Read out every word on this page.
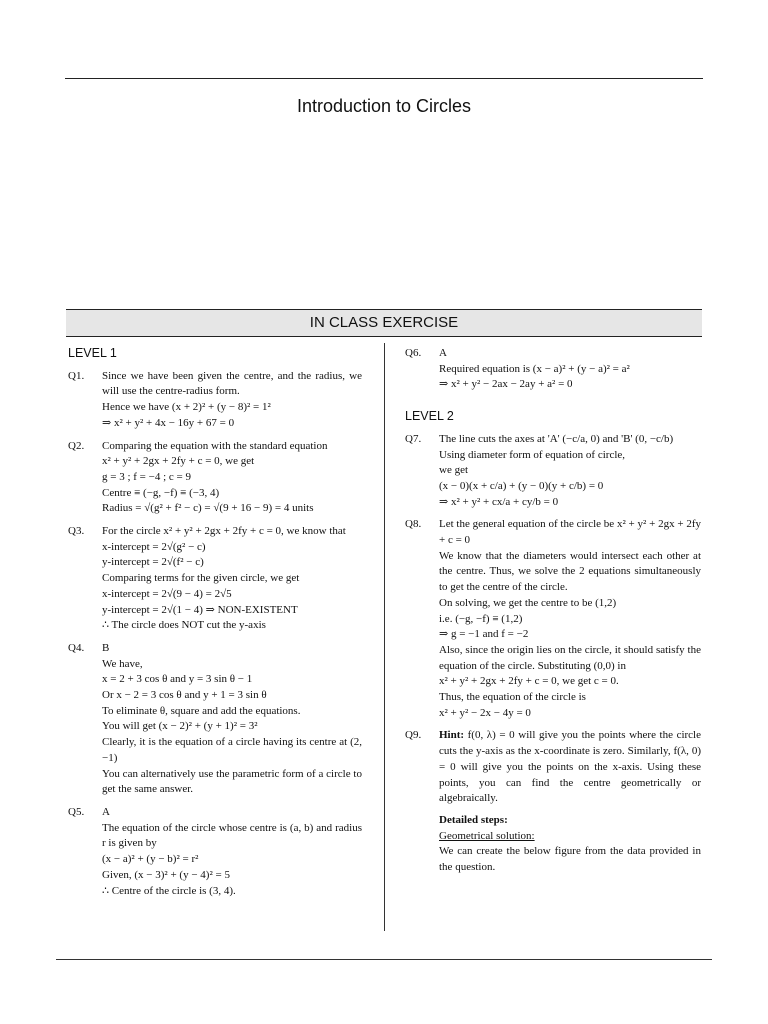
Introduction to Circles
IN CLASS EXERCISE
LEVEL 1
Q1. Since we have been given the centre, and the radius, we will use the centre-radius form.
Hence we have (x + 2)² + (y − 8)² = 1²
⇒ x² + y² + 4x − 16y + 67 = 0
Q2. Comparing the equation with the standard equation
x² + y² + 2gx + 2fy + c = 0, we get
g = 3 ; f = −4 ; c = 9
Centre ≡ (−g, −f) ≡ (−3, 4)
Radius = √(g² + f² − c) = √(9 + 16 − 9) = 4 units
Q3. For the circle x² + y² + 2gx + 2fy + c = 0, we know that
x-intercept = 2√(g² − c)
y-intercept = 2√(f² − c)
Comparing terms for the given circle, we get
x-intercept = 2√(9 − 4) = 2√5
y-intercept = 2√(1 − 4) ⇒ NON-EXISTENT
∴ The circle does NOT cut the y-axis
Q4. B
We have,
x = 2 + 3 cos θ and y = 3 sin θ − 1
Or x − 2 = 3 cos θ and y + 1 = 3 sin θ
To eliminate θ, square and add the equations.
You will get (x − 2)² + (y + 1)² = 3²
Clearly, it is the equation of a circle having its centre at (2, −1)
You can alternatively use the parametric form of a circle to get the same answer.
Q5. A
The equation of the circle whose centre is (a, b) and radius r is given by
(x − a)² + (y − b)² = r²
Given, (x − 3)² + (y − 4)² = 5
∴ Centre of the circle is (3, 4).
Q6. A
Required equation is (x − a)² + (y − a)² = a²
⇒ x² + y² − 2ax − 2ay + a² = 0
LEVEL 2
Q7. The line cuts the axes at 'A' (−c/a, 0) and 'B' (0, −c/b)
Using diameter form of equation of circle,
we get
(x − 0)(x + c/a) + (y − 0)(y + c/b) = 0
⇒ x² + y² + cx/a + cy/b = 0
Q8. Let the general equation of the circle be x² + y² + 2gx + 2fy + c = 0
We know that the diameters would intersect each other at the centre. Thus, we solve the 2 equations simultaneously to get the centre of the circle.
On solving, we get the centre to be (1,2)
i.e. (−g, −f) ≡ (1,2)
⇒ g = −1 and f = −2
Also, since the origin lies on the circle, it should satisfy the equation of the circle. Substituting (0,0) in
x² + y² + 2gx + 2fy + c = 0, we get c = 0.
Thus, the equation of the circle is
x² + y² − 2x − 4y = 0
Q9. Hint: f(0, λ) = 0 will give you the points where the circle cuts the y-axis as the x-coordinate is zero. Similarly, f(λ, 0) = 0 will give you the points on the x-axis. Using these points, you can find the centre geometrically or algebraically.
Detailed steps:
Geometrical solution:
We can create the below figure from the data provided in the question.
